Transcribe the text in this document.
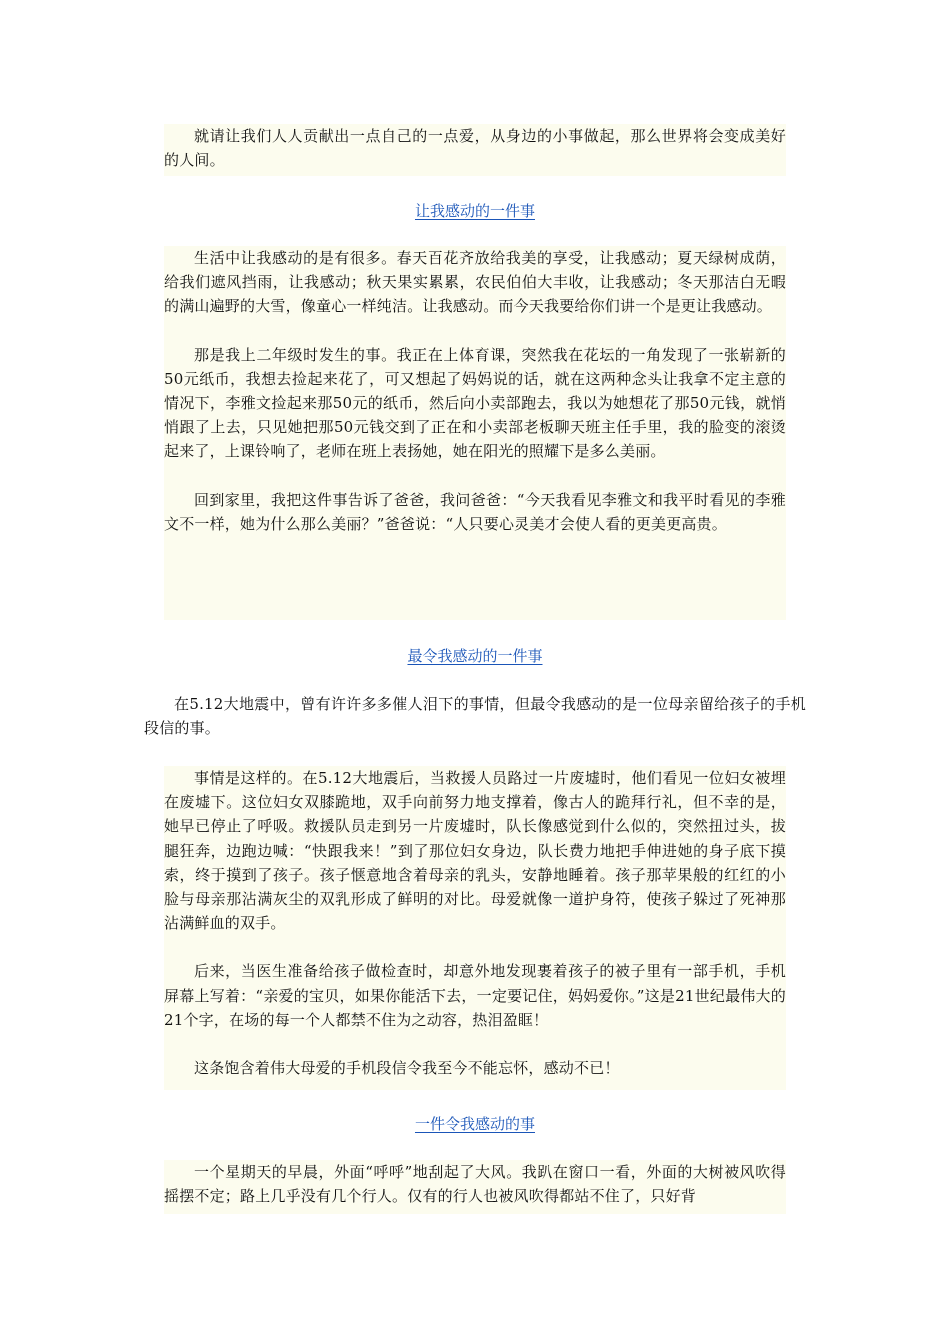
就请让我们人人贡献出一点自己的一点爱，从身边的小事做起，那么世界将会变成美好的人间。

让我感动的一件事

生活中让我感动的是有很多。春天百花齐放给我美的享受，让我感动；夏天绿树成荫，给我们遮风挡雨，让我感动；秋天果实累累，农民伯伯大丰收，让我感动；冬天那洁白无暇的满山遍野的大雪，像童心一样纯洁。让我感动。而今天我要给你们讲一个是更让我感动。

那是我上二年级时发生的事。我正在上体育课，突然我在花坛的一角发现了一张崭新的50元纸币，我想去捡起来花了，可又想起了妈妈说的话，就在这两种念头让我拿不定主意的情况下，李雅文捡起来那50元的纸币，然后向小卖部跑去，我以为她想花了那50元钱，就悄悄跟了上去，只见她把那50元钱交到了正在和小卖部老板聊天班主任手里，我的脸变的滚烫起来了，上课铃响了，老师在班上表扬她，她在阳光的照耀下是多么美丽。

回到家里，我把这件事告诉了爸爸，我问爸爸：“今天我看见李雅文和我平时看见的李雅文不一样，她为什么那么美丽？”爸爸说：“人只要心灵美才会使人看的更美更高贵。

最令我感动的一件事

在5.12大地震中，曾有许许多多催人泪下的事情，但最令我感动的是一位母亲留给孩子的手机段信的事。

事情是这样的。在5.12大地震后，当救援人员路过一片废墟时，他们看见一位妇女被埋在废墟下。这位妇女双膝跪地，双手向前努力地支撑着，像古人的跪拜行礼，但不幸的是，她早已停止了呼吸。救援队员走到另一片废墟时，队长像感觉到什么似的，突然扭过头，拔腿狂奔，边跑边喊：“快跟我来！”到了那位妇女身边，队长费力地把手伸进她的身子底下摸索，终于摸到了孩子。孩子惬意地含着母亲的乳头，安静地睡着。孩子那苹果般的红红的小脸与母亲那沾满灰尘的双乳形成了鲜明的对比。母爱就像一道护身符，使孩子躲过了死神那沾满鲜血的双手。

后来，当医生准备给孩子做检查时，却意外地发现裹着孩子的被子里有一部手机，手机屏幕上写着：“亲爱的宝贝，如果你能活下去，一定要记住，妈妈爱你。”这是21世纪最伟大的21个字，在场的每一个人都禁不住为之动容，热泪盈眶！

这条饱含着伟大母爱的手机段信令我至今不能忘怀，感动不已！

一件令我感动的事

一个星期天的早晨，外面“呼呼”地刮起了大风。我趴在窗口一看，外面的大树被风吹得摇摆不定；路上几乎没有几个行人。仅有的行人也被风吹得都站不住了，只好背
